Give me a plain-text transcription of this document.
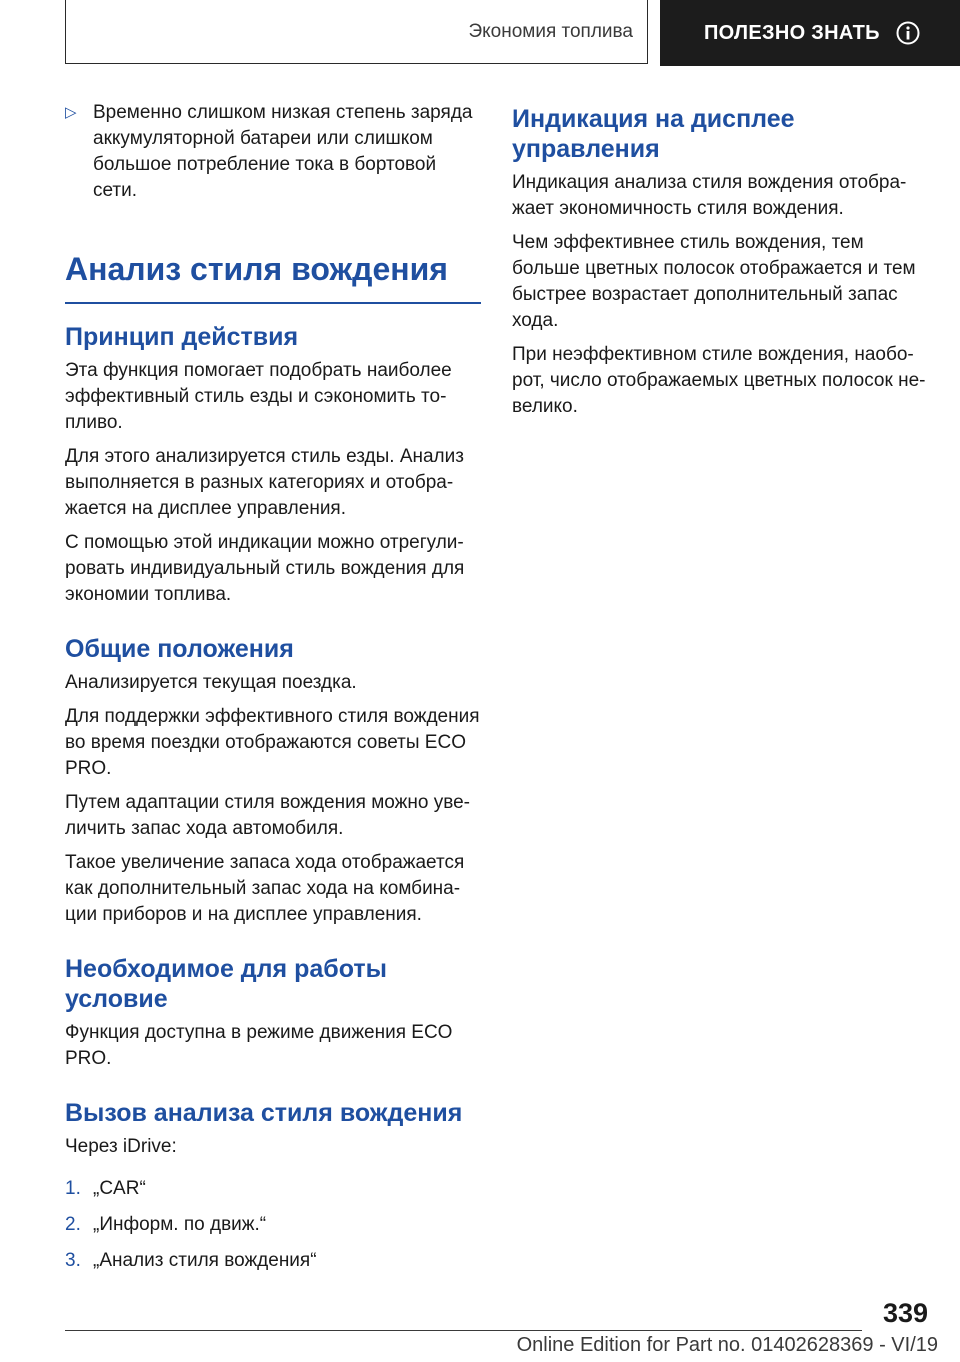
Экономия топлива	ПОЛЕЗНО ЗНАТЬ
▷ Временно слишком низкая степень заряда аккумуляторной батареи или слишком большое потребление тока в бортовой сети.

Анализ стиля вождения
Принцип действия

Эта функция помогает подобрать наиболее эффективный стиль езды и сэкономить то-пливо.

Для этого анализируется стиль езды. Анализ выполняется в разных категориях и отобра-жается на дисплее управления.

С помощью этой индикации можно отрегули-ровать индивидуальный стиль вождения для экономии топлива.

Общие положения

Анализируется текущая поездка.

Для поддержки эффективного стиля вождения во время поездки отображаются советы ECO PRO.

Путем адаптации стиля вождения можно уве-личить запас хода автомобиля.

Такое увеличение запаса хода отображается как дополнительный запас хода на комбина-ции приборов и на дисплее управления.

Необходимое для работы условие

Функция доступна в режиме движения ECO PRO.

Вызов анализа стиля вождения

Через iDrive:

1. „CAR“
2. „Информ. по движ.“
3. „Анализ стиля вождения“
Индикация на дисплее управления

Индикация анализа стиля вождения отобра-жает экономичность стиля вождения.

Чем эффективнее стиль вождения, тем больше цветных полосок отображается и тем быстрее возрастает дополнительный запас хода.

При неэффективном стиле вождения, наобо-рот, число отображаемых цветных полосок не-велико.

339
Online Edition for Part no. 01402628369 - VI/19
